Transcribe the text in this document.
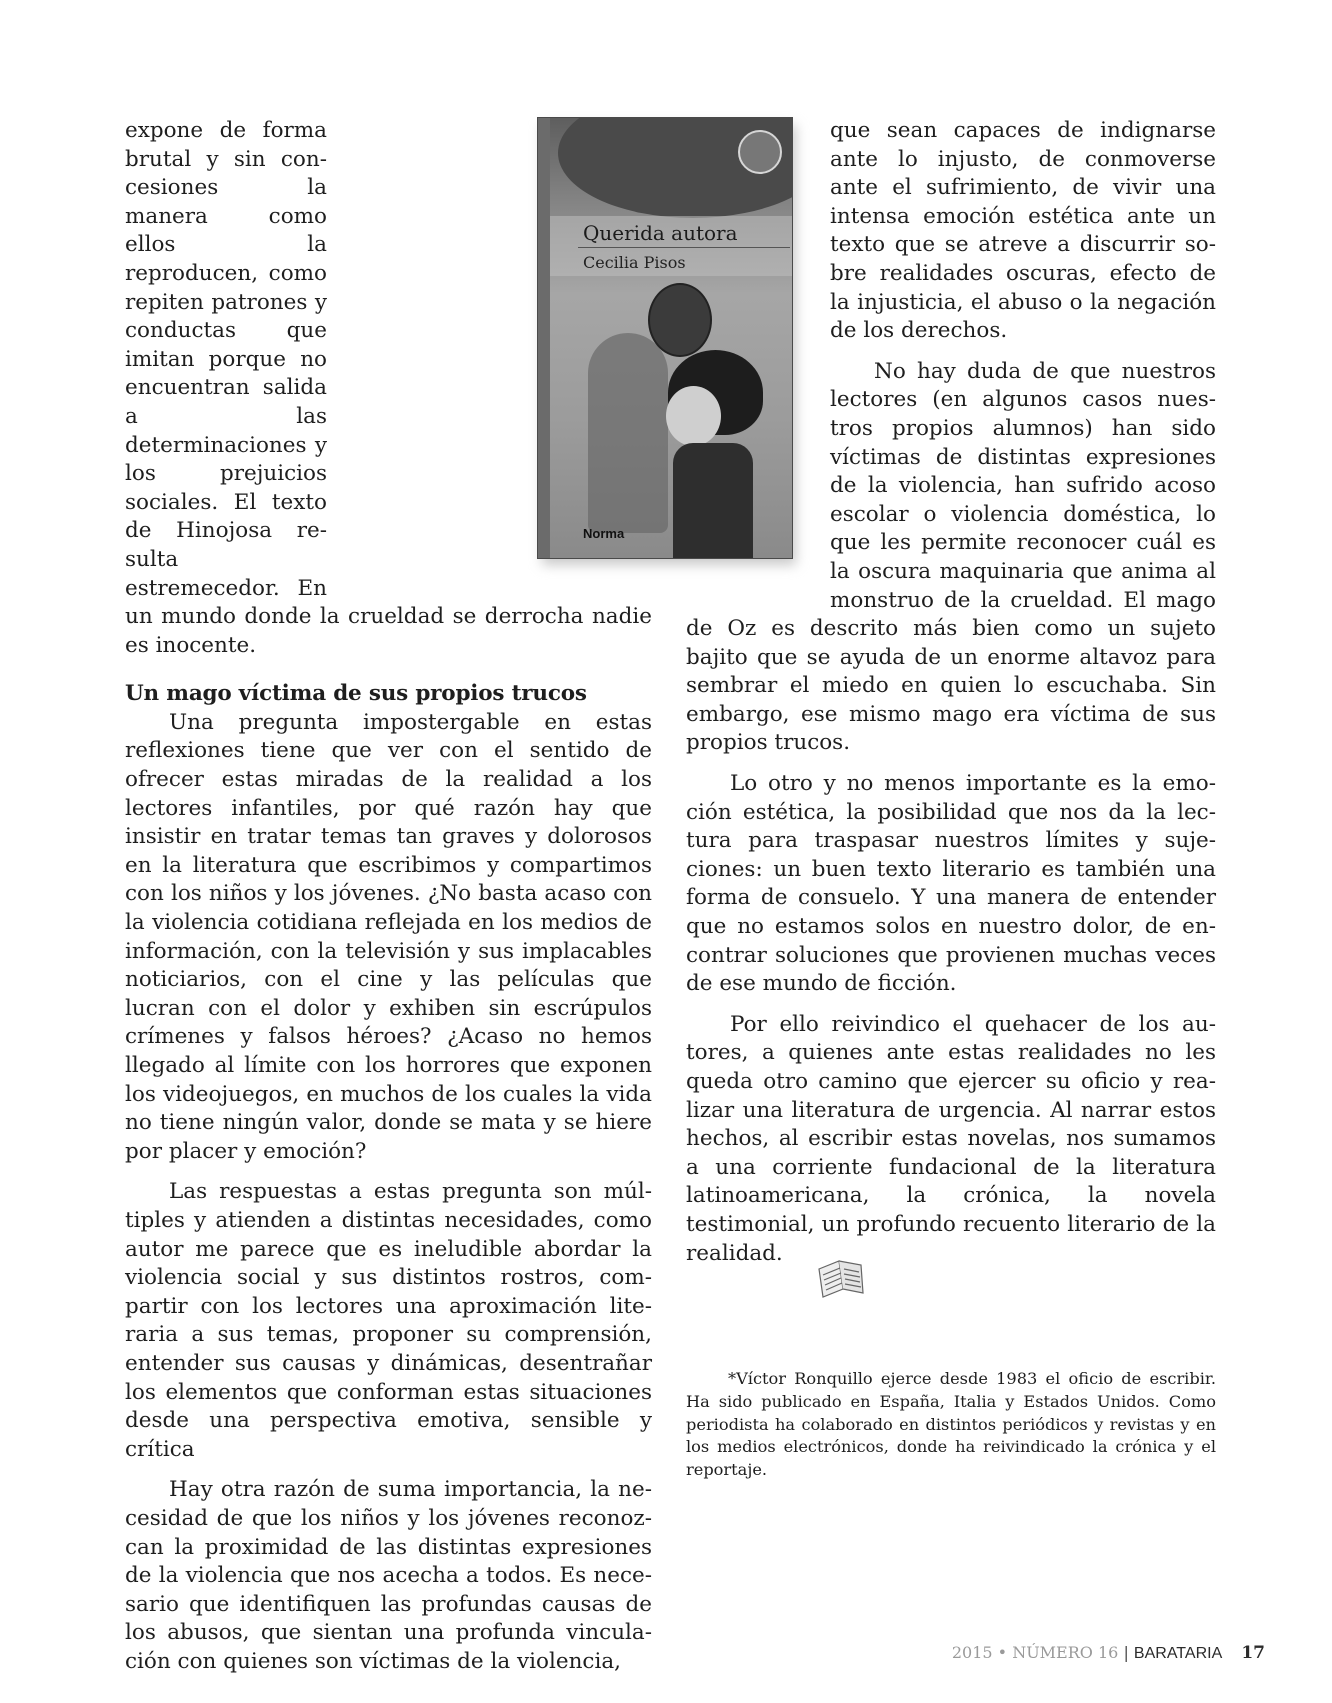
Querida autora
Cecilia Pisos
Norma

expone de forma brutal y sin concesiones la manera como ellos la reproducen, como repiten patrones y conductas que imitan porque no encuentran salida a las determinaciones y los prejuicios sociales. El texto de Hinojosa resulta estremecedor. En un mundo donde la crueldad se derrocha nadie es inocente.

Un mago víctima de sus propios trucos

Una pregunta impostergable en estas reflexiones tiene que ver con el sentido de ofrecer estas miradas de la realidad a los lectores infantiles, por qué razón hay que insistir en tratar temas tan graves y dolorosos en la literatura que escribimos y compartimos con los niños y los jóvenes. ¿No basta acaso con la violencia cotidiana reflejada en los medios de información, con la televisión y sus implacables noticiarios, con el cine y las películas que lucran con el dolor y exhiben sin escrúpulos crímenes y falsos héroes? ¿Acaso no hemos llegado al límite con los horrores que exponen los videojuegos, en muchos de los cuales la vida no tiene ningún valor, donde se mata y se hiere por placer y emoción?

Las respuestas a estas pregunta son múltiples y atienden a distintas necesidades, como autor me parece que es ineludible abordar la violencia social y sus distintos rostros, compartir con los lectores una aproximación literaria a sus temas, proponer su comprensión, entender sus causas y dinámicas, desentrañar los elementos que conforman estas situaciones desde una perspectiva emotiva, sensible y crítica

Hay otra razón de suma importancia, la necesidad de que los niños y los jóvenes reconozcan la proximidad de las distintas expresiones de la violencia que nos acecha a todos. Es necesario que identifiquen las profundas causas de los abusos, que sientan una profunda vinculación con quienes son víctimas de la violencia,

que sean capaces de indignarse ante lo injusto, de conmoverse ante el sufrimiento, de vivir una intensa emoción estética ante un texto que se atreve a discurrir sobre realidades oscuras, efecto de la injusticia, el abuso o la negación de los derechos.

No hay duda de que nuestros lectores (en algunos casos nuestros propios alumnos) han sido víctimas de distintas expresiones de la violencia, han sufrido acoso escolar o violencia doméstica, lo que les permite reconocer cuál es la oscura maquinaria que anima al monstruo de la crueldad. El mago de Oz es descrito más bien como un sujeto bajito que se ayuda de un enorme altavoz para sembrar el miedo en quien lo escuchaba. Sin embargo, ese mismo mago era víctima de sus propios trucos.

Lo otro y no menos importante es la emoción estética, la posibilidad que nos da la lectura para traspasar nuestros límites y sujeciones: un buen texto literario es también una forma de consuelo. Y una manera de entender que no estamos solos en nuestro dolor, de encontrar soluciones que provienen muchas veces de ese mundo de ficción.

Por ello reivindico el quehacer de los autores, a quienes ante estas realidades no les queda otro camino que ejercer su oficio y realizar una literatura de urgencia. Al narrar estos hechos, al escribir estas novelas, nos sumamos a una corriente fundacional de la literatura latinoamericana, la crónica, la novela testimonial, un profundo recuento literario de la realidad.

*Víctor Ronquillo ejerce desde 1983 el oficio de escribir. Ha sido publicado en España, Italia y Estados Unidos. Como periodista ha colaborado en distintos periódicos y revistas y en los medios electrónicos, donde ha reivindicado la crónica y el reportaje.

2015 • NÚMERO 16 | BARATARIA 17
